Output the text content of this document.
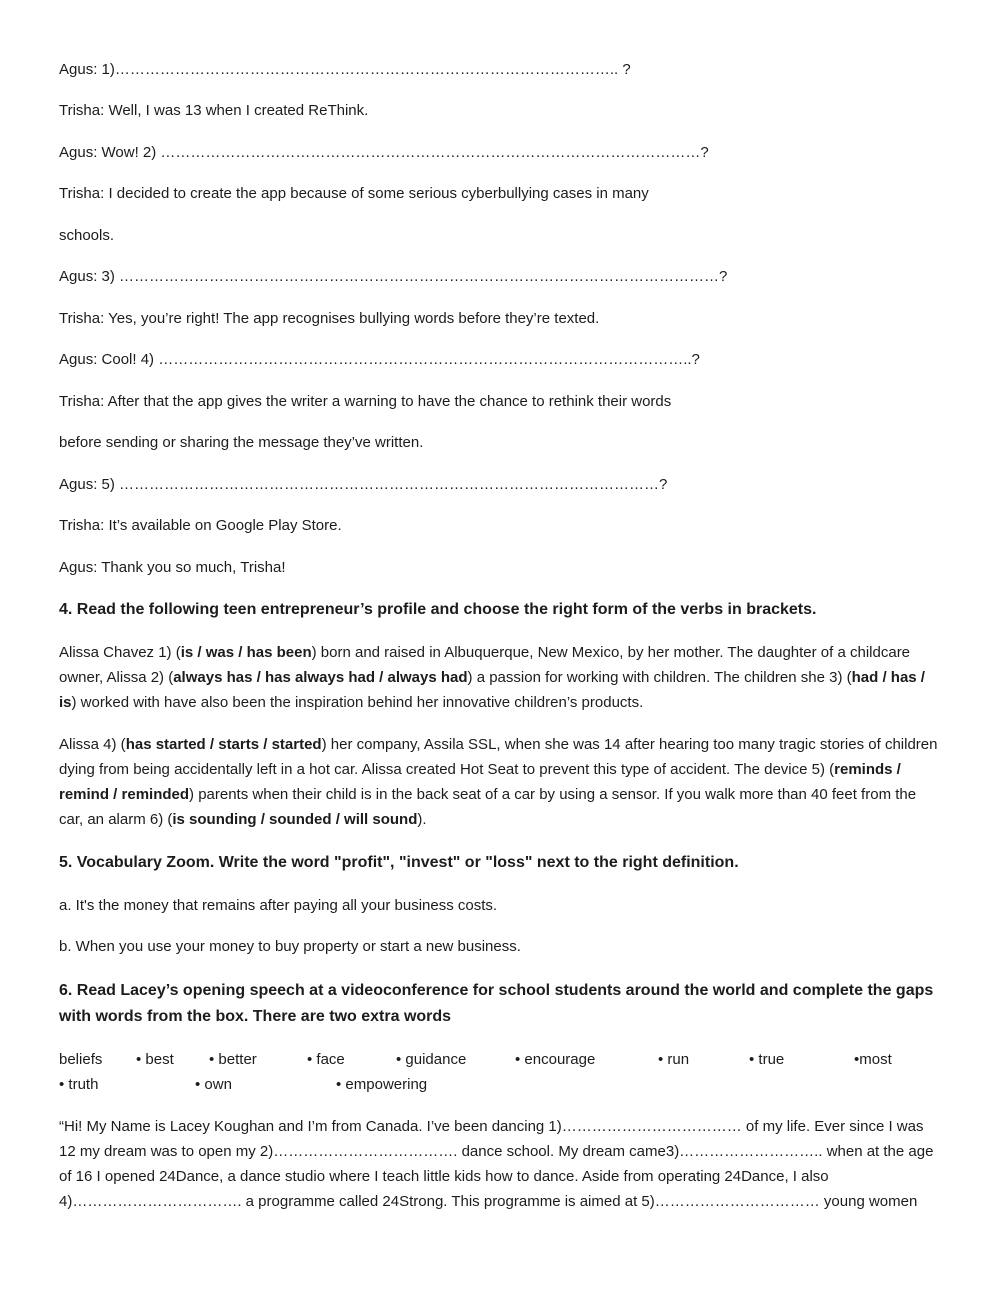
Agus: 1)……………………………………………………………………………………….. ?

Trisha: Well, I was 13 when I created ReThink.

Agus: Wow! 2) ………………………………………………………………………………………………?

Trisha: I decided to create the app because of some serious cyberbullying cases in many

schools.

Agus: 3) …………………………………………………………………………………………………………?

Trisha: Yes, you’re right! The app recognises bullying words before they’re texted.

Agus: Cool! 4) ……………………………………………………………………………………………..?

Trisha: After that the app gives the writer a warning to have the chance to rethink their words

before sending or sharing the message they’ve written.

Agus: 5) ………………………………………………………………………………………………?

Trisha: It’s available on Google Play Store.

Agus: Thank you so much, Trisha!

4. Read the following teen entrepreneur’s profile and choose the right form of the verbs in brackets.

Alissa Chavez 1) (is / was / has been) born and raised in Albuquerque, New Mexico, by her mother. The daughter of a childcare owner, Alissa 2) (always has / has always had / always had) a passion for working with children. The children she 3) (had / has / is) worked with have also been the inspiration behind her innovative children’s products.

Alissa 4) (has started / starts / started) her company, Assila SSL, when she was 14 after hearing too many tragic stories of children dying from being accidentally left in a hot car. Alissa created Hot Seat to prevent this type of accident. The device 5) (reminds / remind / reminded) parents when their child is in the back seat of a car by using a sensor. If you walk more than 40 feet from the car, an alarm 6) (is sounding / sounded / will sound).

5. Vocabulary Zoom. Write the word "profit", "invest" or "loss" next to the right definition.

a. It's the money that remains after paying all your business costs.

b. When you use your money to buy property or start a new business.

6. Read Lacey’s opening speech at a videoconference for school students around the world and complete the gaps with words from the box. There are two extra words

beliefs • best • better	• face	• guidance	• encourage	• run	• true	•most
• truth	• own	• empowering

“Hi! My Name is Lacey Koughan and I’m from Canada. I’ve been dancing 1)……………………………… of my life. Ever since I was 12 my dream was to open my 2)………………………………. dance school. My dream came3)……………………….. when at the age of 16 I opened 24Dance, a dance studio where I teach little kids how to dance. Aside from operating 24Dance, I also 4)……………………………. a programme called 24Strong. This programme is aimed at 5)…………………………… young women
